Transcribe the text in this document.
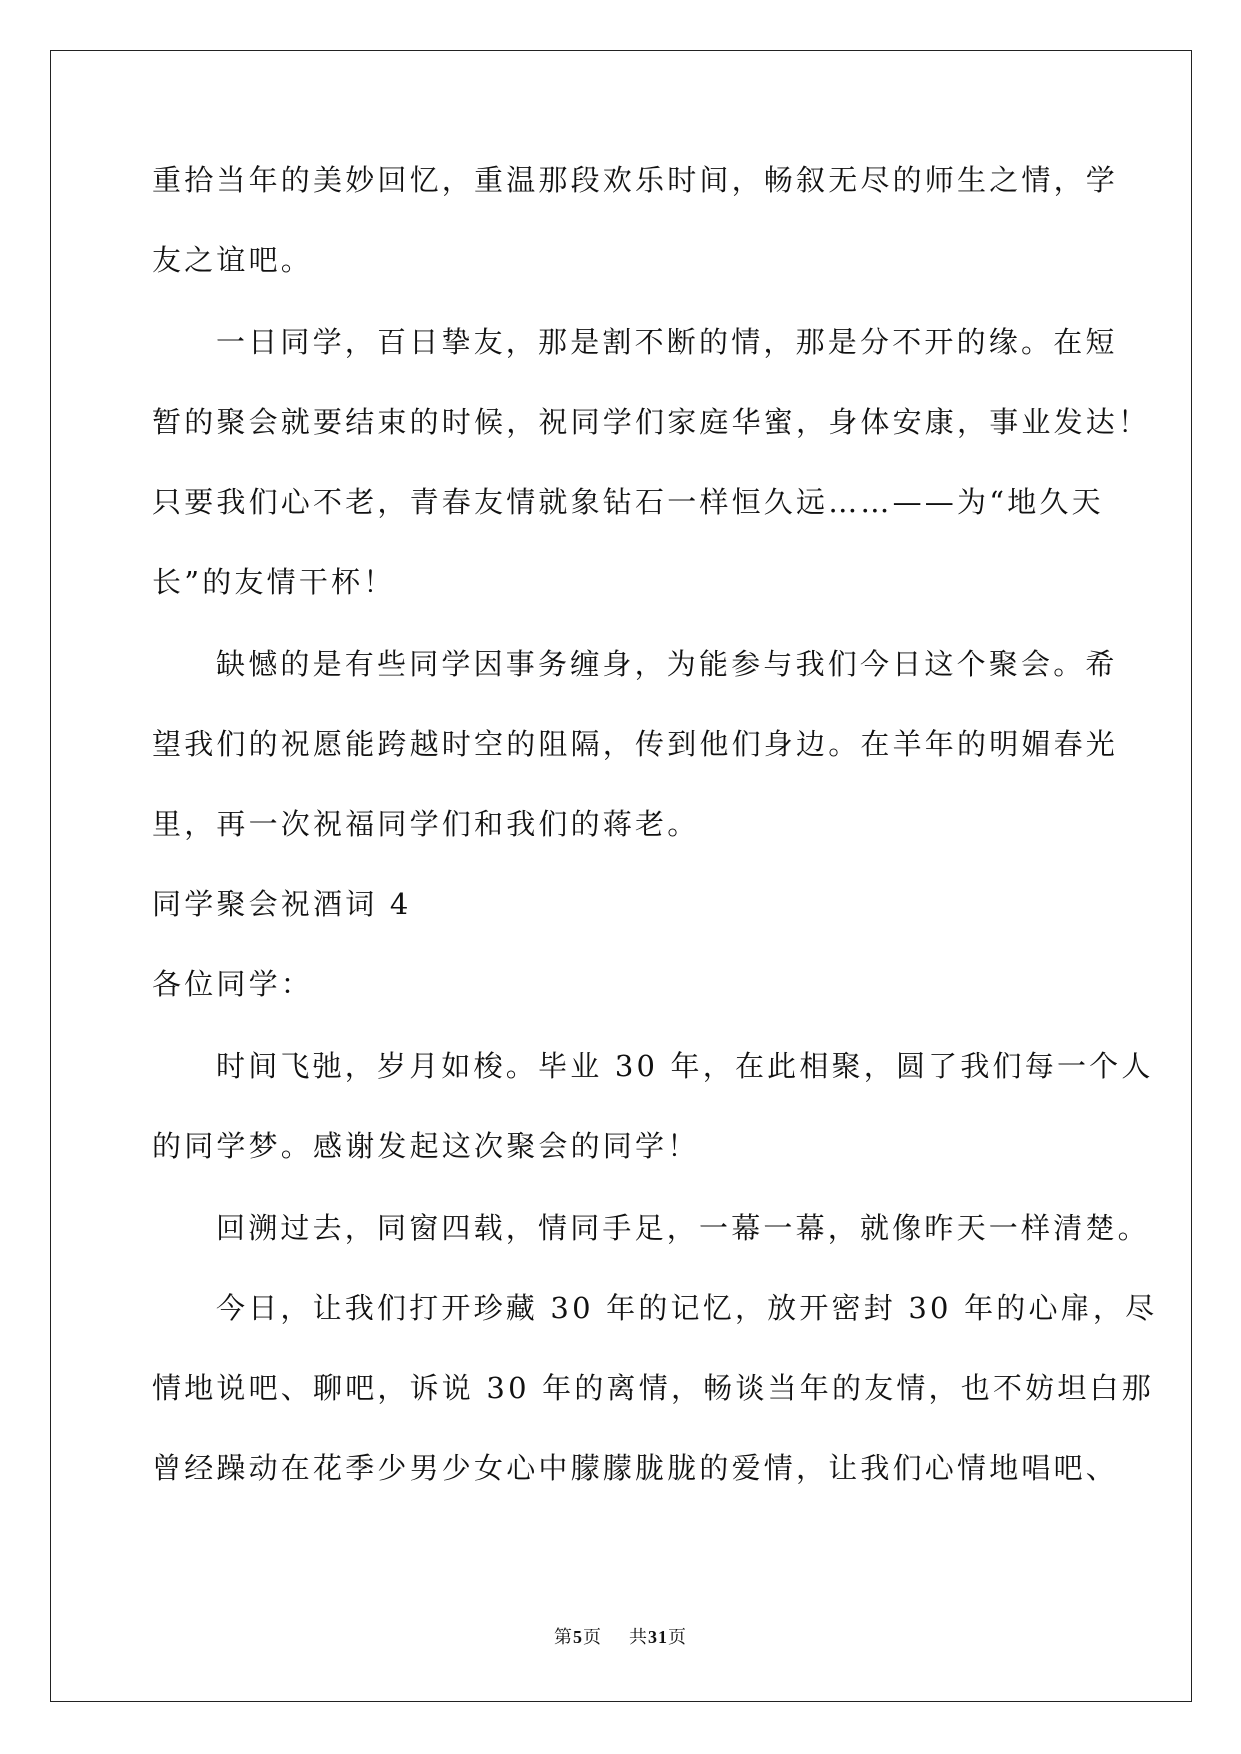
重拾当年的美妙回忆，重温那段欢乐时间，畅叙无尽的师生之情，学
友之谊吧。
一日同学，百日挚友，那是割不断的情，那是分不开的缘。在短
暂的聚会就要结束的时候，祝同学们家庭华蜜，身体安康，事业发达！
只要我们心不老，青春友情就象钻石一样恒久远……——为“地久天
长”的友情干杯！
缺憾的是有些同学因事务缠身，为能参与我们今日这个聚会。希
望我们的祝愿能跨越时空的阻隔，传到他们身边。在羊年的明媚春光
里，再一次祝福同学们和我们的蒋老。
同学聚会祝酒词 4
各位同学：
时间飞弛，岁月如梭。毕业 30 年，在此相聚，圆了我们每一个人
的同学梦。感谢发起这次聚会的同学！
回溯过去，同窗四载，情同手足，一幕一幕，就像昨天一样清楚。
今日，让我们打开珍藏 30 年的记忆，放开密封 30 年的心扉，尽
情地说吧、聊吧，诉说 30 年的离情，畅谈当年的友情，也不妨坦白那
曾经躁动在花季少男少女心中朦朦胧胧的爱情，让我们心情地唱吧、
第5页 共31页
